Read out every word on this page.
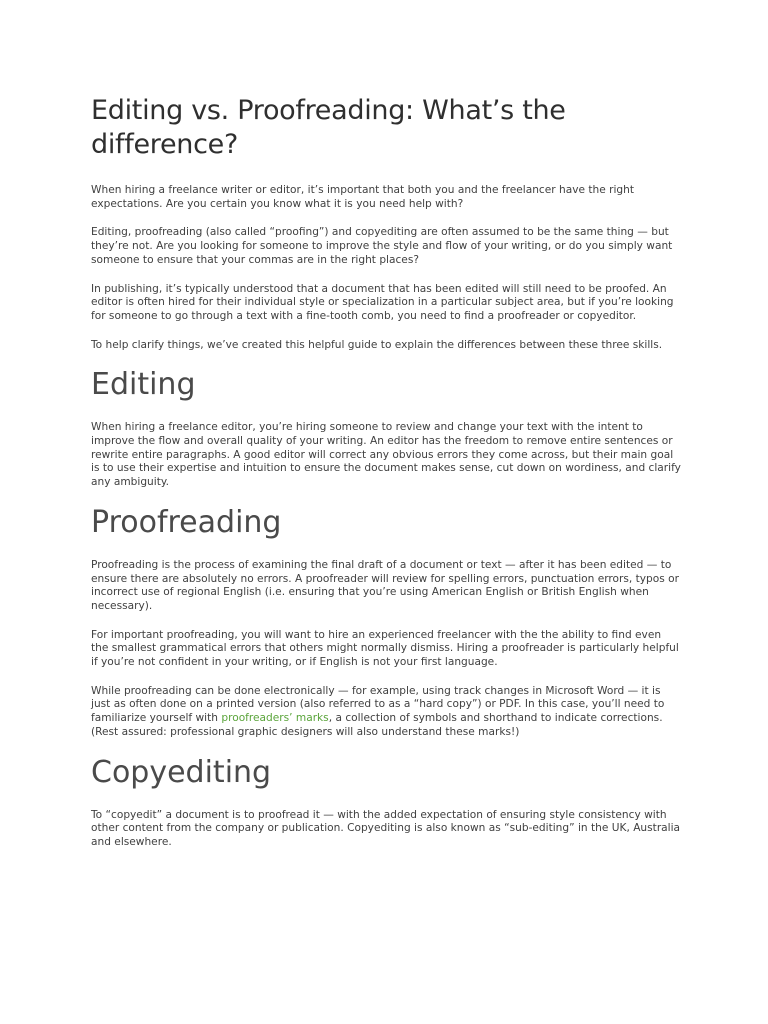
Editing vs. Proofreading: What’s the difference?

When hiring a freelance writer or editor, it’s important that both you and the freelancer have the right expectations. Are you certain you know what it is you need help with?

Editing, proofreading (also called “proofing”) and copyediting are often assumed to be the same thing — but they’re not. Are you looking for someone to improve the style and flow of your writing, or do you simply want someone to ensure that your commas are in the right places?

In publishing, it’s typically understood that a document that has been edited will still need to be proofed. An editor is often hired for their individual style or specialization in a particular subject area, but if you’re looking for someone to go through a text with a fine-tooth comb, you need to find a proofreader or copyeditor.

To help clarify things, we’ve created this helpful guide to explain the differences between these three skills.

Editing

When hiring a freelance editor, you’re hiring someone to review and change your text with the intent to improve the flow and overall quality of your writing. An editor has the freedom to remove entire sentences or rewrite entire paragraphs. A good editor will correct any obvious errors they come across, but their main goal is to use their expertise and intuition to ensure the document makes sense, cut down on wordiness, and clarify any ambiguity.

Proofreading

Proofreading is the process of examining the final draft of a document or text — after it has been edited — to ensure there are absolutely no errors. A proofreader will review for spelling errors, punctuation errors, typos or incorrect use of regional English (i.e. ensuring that you’re using American English or British English when necessary).

For important proofreading, you will want to hire an experienced freelancer with the the ability to find even the smallest grammatical errors that others might normally dismiss. Hiring a proofreader is particularly helpful if you’re not confident in your writing, or if English is not your first language.

While proofreading can be done electronically — for example, using track changes in Microsoft Word — it is just as often done on a printed version (also referred to as a “hard copy”) or PDF. In this case, you’ll need to familiarize yourself with proofreaders’ marks, a collection of symbols and shorthand to indicate corrections. (Rest assured: professional graphic designers will also understand these marks!)

Copyediting

To “copyedit” a document is to proofread it — with the added expectation of ensuring style consistency with other content from the company or publication. Copyediting is also known as “sub-editing” in the UK, Australia and elsewhere.
